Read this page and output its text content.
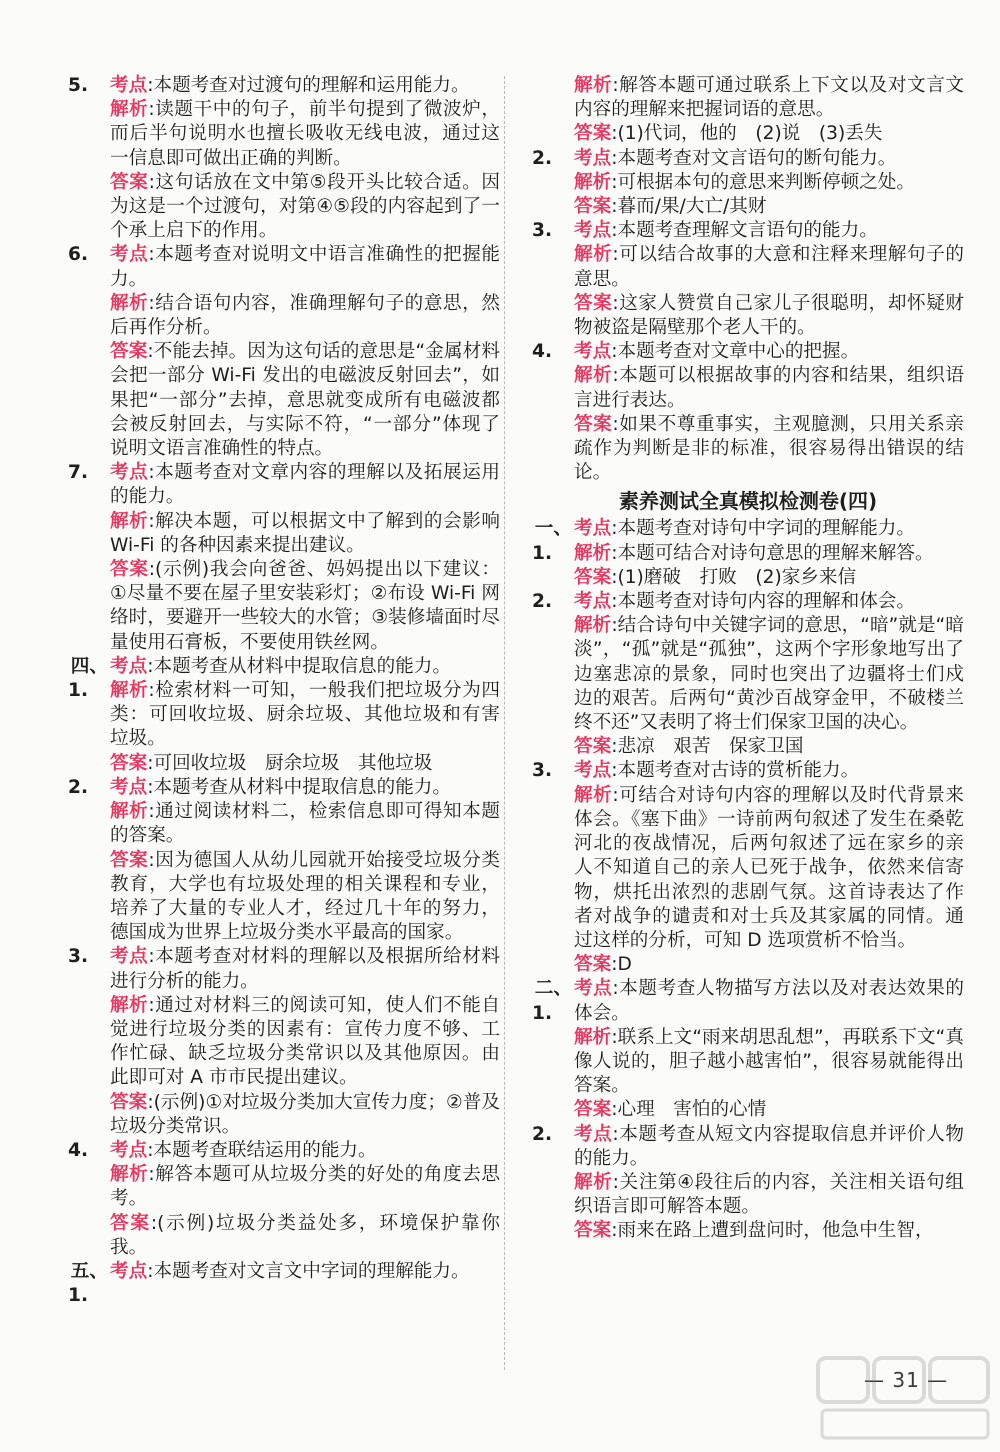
5.	考点:本题考查对过渡句的理解和运用能力。
解析:读题干中的句子，前半句提到了微波炉，而后半句说明水也擅长吸收无线电波，通过这一信息即可做出正确的判断。
答案:这句话放在文中第⑤段开头比较合适。因为这是一个过渡句，对第④⑤段的内容起到了一个承上启下的作用。
6.	考点:本题考查对说明文中语言准确性的把握能力。
解析:结合语句内容，准确理解句子的意思，然后再作分析。
答案:不能去掉。因为这句话的意思是“金属材料会把一部分 Wi-Fi 发出的电磁波反射回去”，如果把“一部分”去掉，意思就变成所有电磁波都会被反射回去，与实际不符，“一部分”体现了说明文语言准确性的特点。
7.	考点:本题考查对文章内容的理解以及拓展运用的能力。
解析:解决本题，可以根据文中了解到的会影响 Wi-Fi 的各种因素来提出建议。
答案:(示例)我会向爸爸、妈妈提出以下建议：①尽量不要在屋子里安装彩灯；②布设 Wi-Fi 网络时，要避开一些较大的水管；③装修墙面时尽量使用石膏板，不要使用铁丝网。
四、1.
考点:本题考查从材料中提取信息的能力。
解析:检索材料一可知，一般我们把垃圾分为四类：可回收垃圾、厨余垃圾、其他垃圾和有害垃圾。
答案:可回收垃圾　厨余垃圾　其他垃圾
2.	考点:本题考查从材料中提取信息的能力。
解析:通过阅读材料二，检索信息即可得知本题的答案。
答案:因为德国人从幼儿园就开始接受垃圾分类教育，大学也有垃圾处理的相关课程和专业，培养了大量的专业人才，经过几十年的努力，德国成为世界上垃圾分类水平最高的国家。
3.	考点:本题考查对材料的理解以及根据所给材料进行分析的能力。
解析:通过对材料三的阅读可知，使人们不能自觉进行垃圾分类的因素有：宣传力度不够、工作忙碌、缺乏垃圾分类常识以及其他原因。由此即可对 A 市市民提出建议。
答案:(示例)①对垃圾分类加大宣传力度；②普及垃圾分类常识。
4.	考点:本题考查联结运用的能力。
解析:解答本题可从垃圾分类的好处的角度去思考。
答案:(示例)垃圾分类益处多，环境保护靠你我。
五、1.
考点:本题考查对文言文中字词的理解能力。
解析:解答本题可通过联系上下文以及对文言文内容的理解来把握词语的意思。
答案:(1)代词，他的　(2)说　(3)丢失
2.	考点:本题考查对文言语句的断句能力。
解析:可根据本句的意思来判断停顿之处。
答案:暮而/果/大亡/其财
3.	考点:本题考查理解文言语句的能力。
解析:可以结合故事的大意和注释来理解句子的意思。
答案:这家人赞赏自己家儿子很聪明，却怀疑财物被盗是隔壁那个老人干的。
4.	考点:本题考查对文章中心的把握。
解析:本题可以根据故事的内容和结果，组织语言进行表达。
答案:如果不尊重事实，主观臆测，只用关系亲疏作为判断是非的标准，很容易得出错误的结论。
素养测试全真模拟检测卷(四)
一、1.
考点:本题考查对诗句中字词的理解能力。
解析:本题可结合对诗句意思的理解来解答。
答案:(1)磨破　打败　(2)家乡来信
2.	考点:本题考查对诗句内容的理解和体会。
解析:结合诗句中关键字词的意思，“暗”就是“暗淡”，“孤”就是“孤独”，这两个字形象地写出了边塞悲凉的景象，同时也突出了边疆将士们戍边的艰苦。后两句“黄沙百战穿金甲，不破楼兰终不还”又表明了将士们保家卫国的决心。
答案:悲凉　艰苦　保家卫国
3.	考点:本题考查对古诗的赏析能力。
解析:可结合对诗句内容的理解以及时代背景来体会。《塞下曲》一诗前两句叙述了发生在桑乾河北的夜战情况，后两句叙述了远在家乡的亲人不知道自己的亲人已死于战争，依然来信寄物，烘托出浓烈的悲剧气氛。这首诗表达了作者对战争的谴责和对士兵及其家属的同情。通过这样的分析，可知 D 选项赏析不恰当。
答案:D
二、1.
考点:本题考查人物描写方法以及对表达效果的体会。
解析:联系上文“雨来胡思乱想”，再联系下文“真像人说的，胆子越小越害怕”，很容易就能得出答案。
答案:心理　害怕的心情
2.	考点:本题考查从短文内容提取信息并评价人物的能力。
解析:关注第④段往后的内容，关注相关语句组织语言即可解答本题。
答案:雨来在路上遭到盘问时，他急中生智，
— 31 —
